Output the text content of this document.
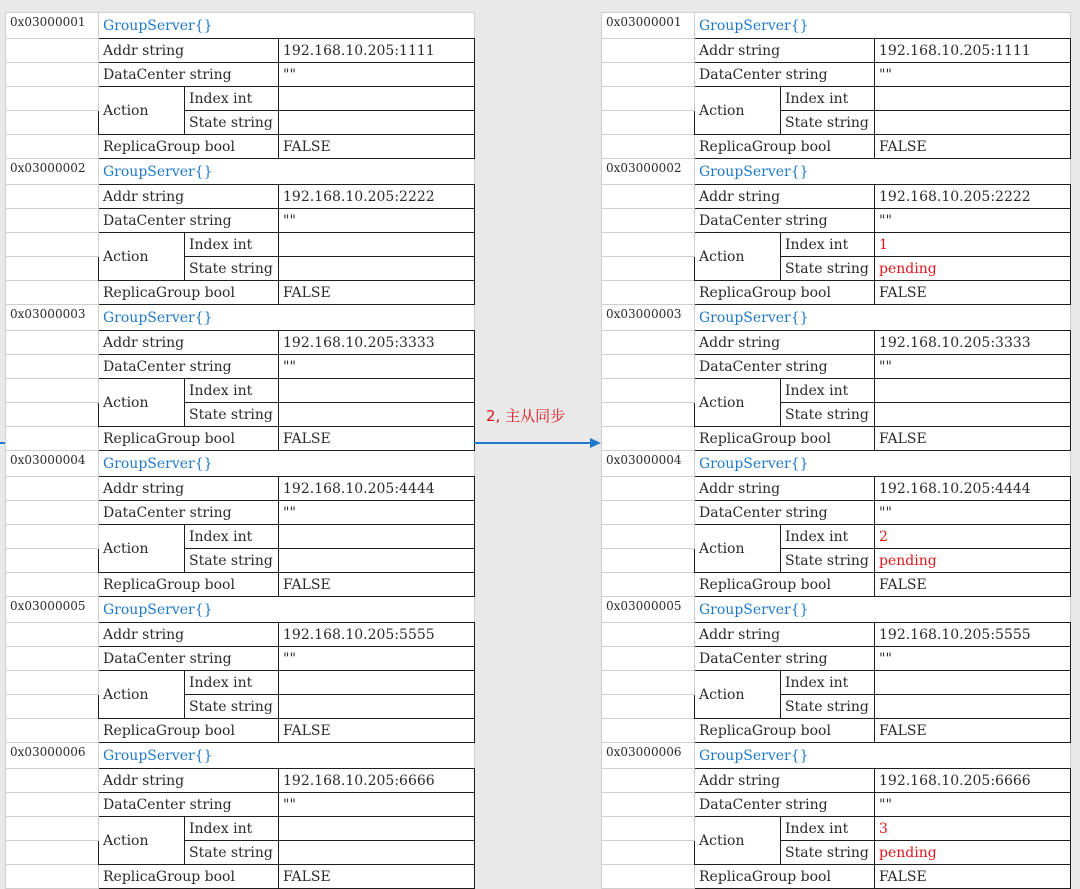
0x03000001	GroupServer{}		
	Addr string		192.168.10.205:1111
	DataCenter string		""
	Action	Index int	
		State string	
	ReplicaGroup bool		FALSE
0x03000002	GroupServer{}		
	Addr string		192.168.10.205:2222
	DataCenter string		""
	Action	Index int	
		State string	
	ReplicaGroup bool		FALSE
0x03000003	GroupServer{}		
	Addr string		192.168.10.205:3333
	DataCenter string		""
	Action	Index int	
		State string	
	ReplicaGroup bool		FALSE
0x03000004	GroupServer{}		
	Addr string		192.168.10.205:4444
	DataCenter string		""
	Action	Index int	
		State string	
	ReplicaGroup bool		FALSE
0x03000005	GroupServer{}		
	Addr string		192.168.10.205:5555
	DataCenter string		""
	Action	Index int	
		State string	
	ReplicaGroup bool		FALSE
0x03000006	GroupServer{}		
	Addr string		192.168.10.205:6666
	DataCenter string		""
	Action	Index int	
		State string	
	ReplicaGroup bool		FALSE
0x03000001	GroupServer{}		
	Addr string		192.168.10.205:1111
	DataCenter string		""
	Action	Index int	
		State string	
	ReplicaGroup bool		FALSE
0x03000002	GroupServer{}		
	Addr string		192.168.10.205:2222
	DataCenter string		""
	Action	Index int	1
		State string	pending
	ReplicaGroup bool		FALSE
0x03000003	GroupServer{}		
	Addr string		192.168.10.205:3333
	DataCenter string		""
	Action	Index int	
		State string	
	ReplicaGroup bool		FALSE
0x03000004	GroupServer{}		
	Addr string		192.168.10.205:4444
	DataCenter string		""
	Action	Index int	2
		State string	pending
	ReplicaGroup bool		FALSE
0x03000005	GroupServer{}		
	Addr string		192.168.10.205:5555
	DataCenter string		""
	Action	Index int	
		State string	
	ReplicaGroup bool		FALSE
0x03000006	GroupServer{}		
	Addr string		192.168.10.205:6666
	DataCenter string		""
	Action	Index int	3
		State string	pending
	ReplicaGroup bool		FALSE
2, 主从同步
